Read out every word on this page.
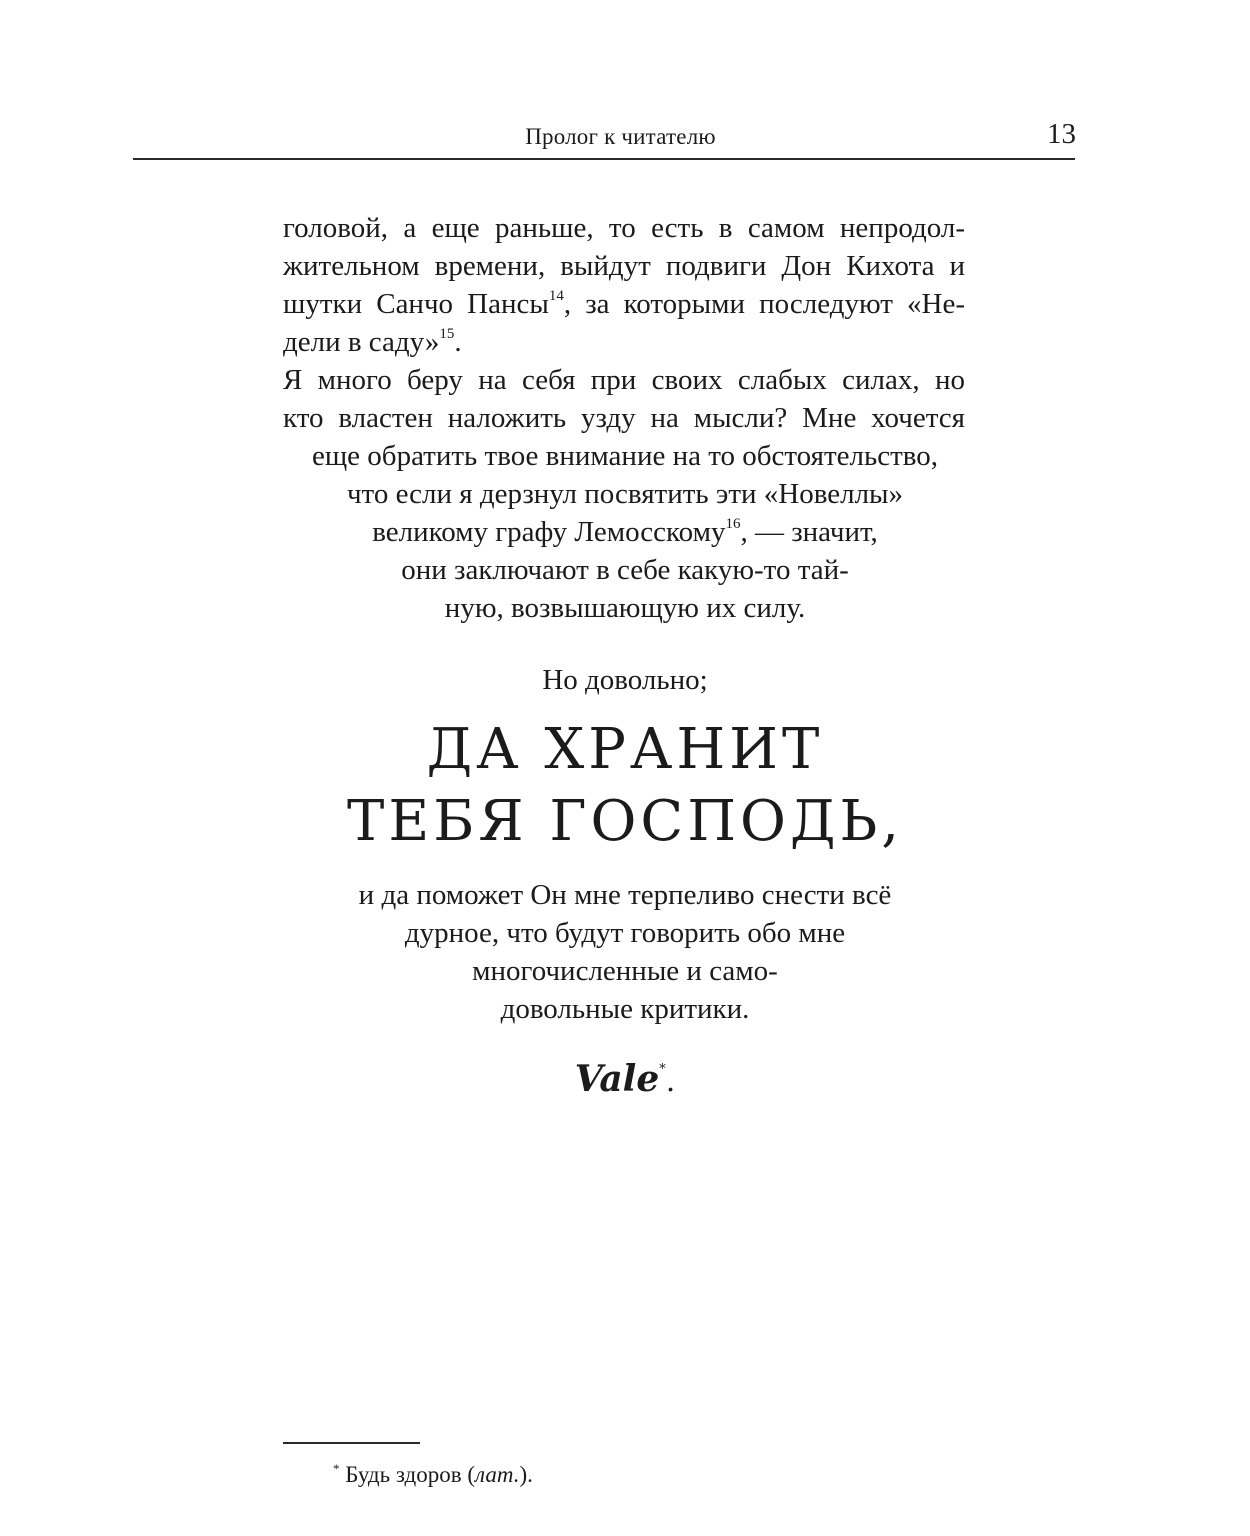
Пролог к читателю	13
головой, а еще раньше, то есть в самом непродол-
жительном времени, выйдут подвиги Дон Кихота и
шутки Санчо Пансы$^{14}$, за которыми последуют «Не-
дели в саду»$^{15}$.
Я много беру на себя при своих слабых силах, но
кто властен наложить узду на мысли? Мне хочется
еще обратить твое внимание на то обстоятельство,
что если я дерзнул посвятить эти «Новеллы»
великому графу Лемосскому$^{16}$, — значит,
они заключают в себе какую-то тай-
ную, возвышающую их силу.
Но довольно;
ДА ХРАНИТ
ТЕБЯ ГОСПОДЬ,
и да поможет Он мне терпеливо снести всё
дурное, что будут говорить обо мне
многочисленные и само-
довольные критики.
Vale*.
* Будь здоров (лат.).
